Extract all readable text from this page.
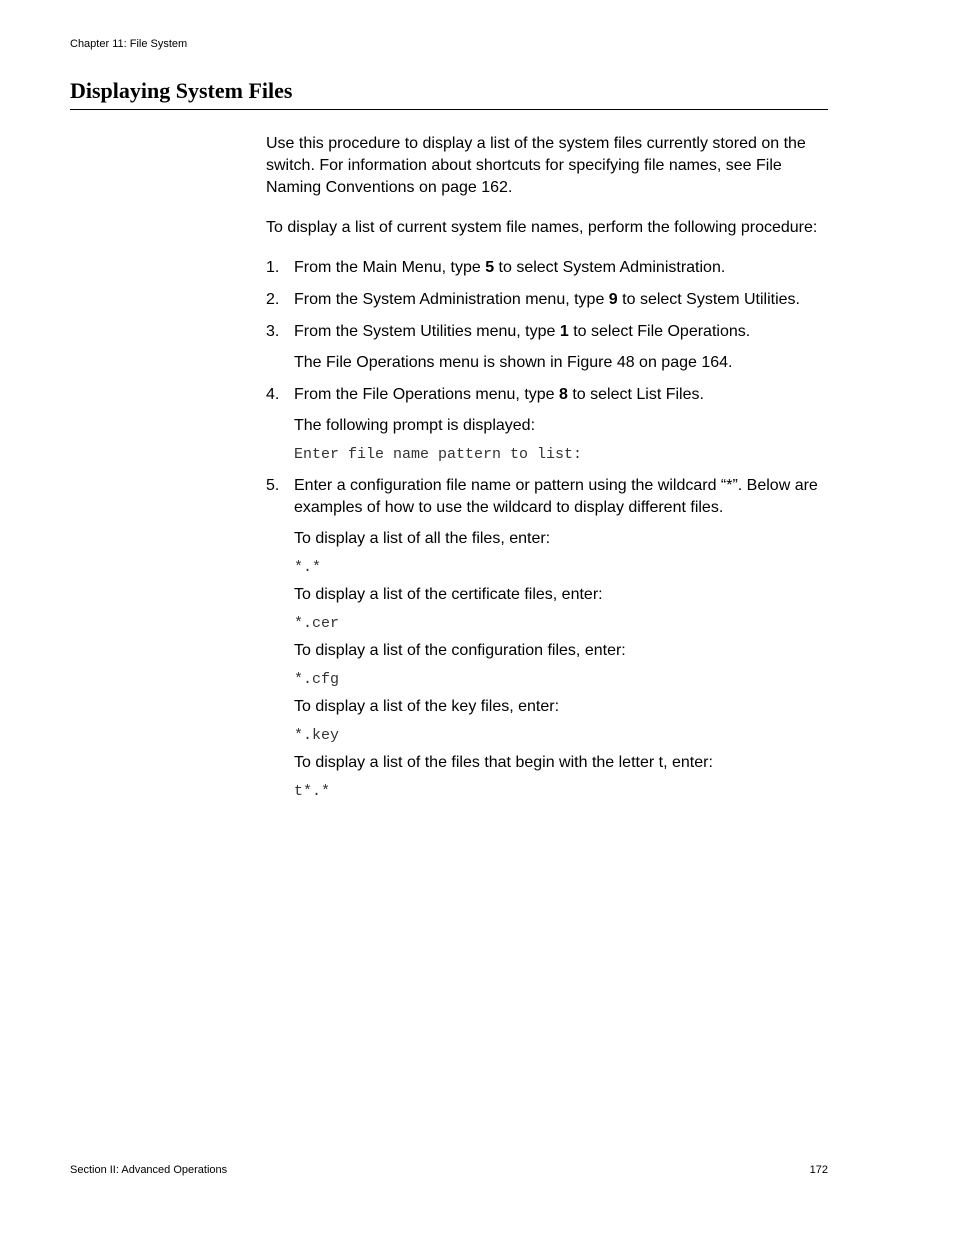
Chapter 11: File System
Displaying System Files

Use this procedure to display a list of the system files currently stored on the switch. For information about shortcuts for specifying file names, see File Naming Conventions on page 162.

To display a list of current system file names, perform the following procedure:

1. From the Main Menu, type 5 to select System Administration.

2. From the System Administration menu, type 9 to select System Utilities.

3. From the System Utilities menu, type 1 to select File Operations.

The File Operations menu is shown in Figure 48 on page 164.

4. From the File Operations menu, type 8 to select List Files.

The following prompt is displayed:

Enter file name pattern to list:

5. Enter a configuration file name or pattern using the wildcard “*”. Below are examples of how to use the wildcard to display different files.

To display a list of all the files, enter:

*.*

To display a list of the certificate files, enter:

*.cer

To display a list of the configuration files, enter:

*.cfg

To display a list of the key files, enter:

*.key

To display a list of the files that begin with the letter t, enter:

t*.*

Section II: Advanced Operations	172
